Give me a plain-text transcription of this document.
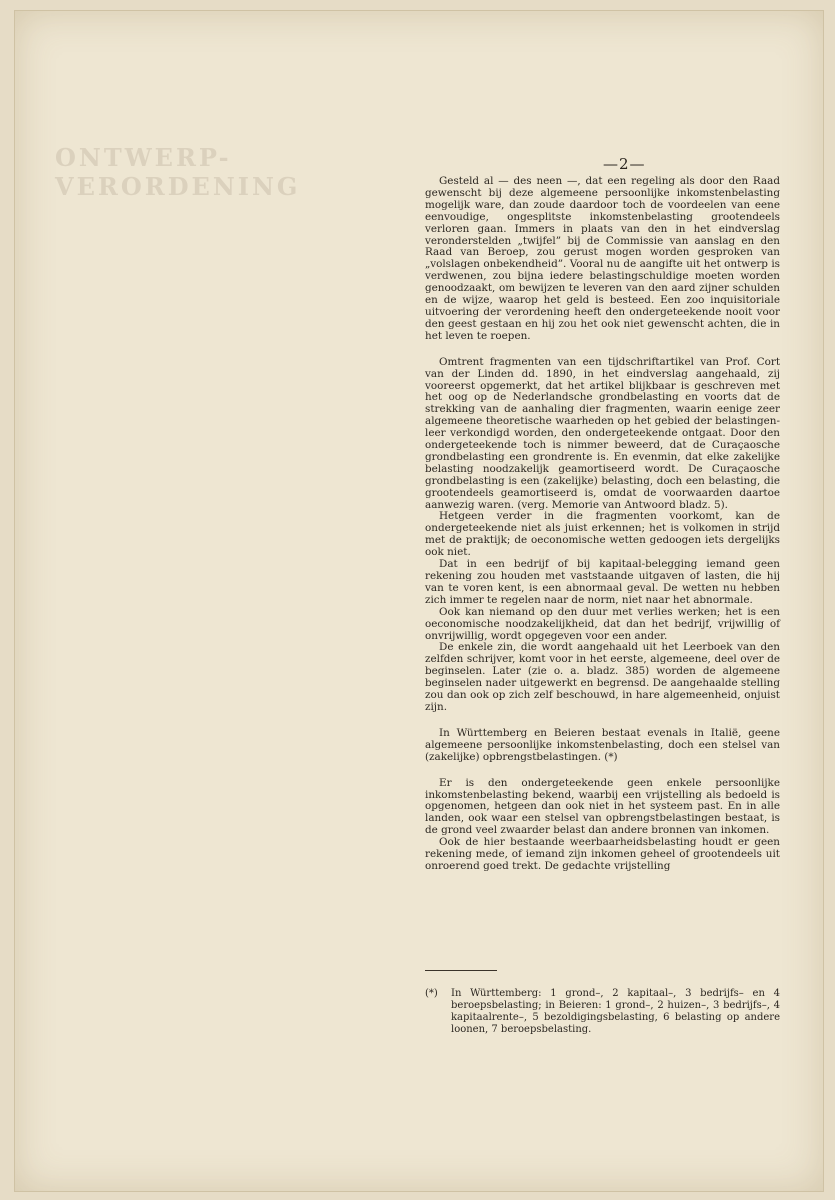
ONTWERP-VERORDENING
—2—

Gesteld al — des neen —, dat een regeling als door den Raad gewenscht bij deze algemeene persoonlijke inkomstenbelasting mogelijk ware, dan zoude daardoor toch de voordeelen van eene eenvoudige, ongesplitste inkomstenbelasting grootendeels verloren gaan. Immers in plaats van den in het eindverslag veronderstelden „twijfel” bij de Commissie van aanslag en den Raad van Beroep, zou gerust mogen worden gesproken van „volslagen onbekendheid”. Vooral nu de aangifte uit het ontwerp is verdwenen, zou bijna iedere belastingschuldige moeten worden genoodzaakt, om bewijzen te leveren van den aard zijner schulden en de wijze, waarop het geld is besteed. Een zoo inquisitoriale uitvoering der verordening heeft den ondergeteekende nooit voor den geest gestaan en hij zou het ook niet gewenscht achten, die in het leven te roepen.

Omtrent fragmenten van een tijdschriftartikel van Prof. Cort van der Linden dd. 1890, in het eindverslag aangehaald, zij vooreerst opgemerkt, dat het artikel blijkbaar is geschreven met het oog op de Nederlandsche grondbelasting en voorts dat de strekking van de aanhaling dier fragmenten, waarin eenige zeer algemeene theoretische waarheden op het gebied der belastingen-leer verkondigd worden, den ondergeteekende ontgaat. Door den ondergeteekende toch is nimmer beweerd, dat de Curaçaosche grondbelasting een grondrente is. En evenmin, dat elke zakelijke belasting noodzakelijk geamortiseerd wordt. De Curaçaosche grondbelasting is een (zakelijke) belasting, doch een belasting, die grootendeels geamortiseerd is, omdat de voorwaarden daartoe aanwezig waren. (verg. Memorie van Antwoord bladz. 5).

Hetgeen verder in die fragmenten voorkomt, kan de ondergeteekende niet als juist erkennen; het is volkomen in strijd met de praktijk; de oeconomische wetten gedoogen iets dergelijks ook niet.

Dat in een bedrijf of bij kapitaal-belegging iemand geen rekening zou houden met vaststaande uitgaven of lasten, die hij van te voren kent, is een abnormaal geval. De wetten nu hebben zich immer te regelen naar de norm, niet naar het abnormale.

Ook kan niemand op den duur met verlies werken; het is een oeconomische noodzakelijkheid, dat dan het bedrijf, vrijwillig of onvrijwillig, wordt opgegeven voor een ander.

De enkele zin, die wordt aangehaald uit het Leerboek van den zelfden schrijver, komt voor in het eerste, algemeene, deel over de beginselen. Later (zie o. a. bladz. 385) worden de algemeene beginselen nader uitgewerkt en begrensd. De aangehaalde stelling zou dan ook op zich zelf beschouwd, in hare algemeenheid, onjuist zijn.

In Württemberg en Beieren bestaat evenals in Italië, geene algemeene persoonlijke inkomstenbelasting, doch een stelsel van (zakelijke) opbrengstbelastingen. (*)

Er is den ondergeteekende geen enkele persoonlijke inkomstenbelasting bekend, waarbij een vrijstelling als bedoeld is opgenomen, hetgeen dan ook niet in het systeem past. En in alle landen, ook waar een stelsel van opbrengstbelastingen bestaat, is de grond veel zwaarder belast dan andere bronnen van inkomen.

Ook de hier bestaande weerbaarheidsbelasting houdt er geen rekening mede, of iemand zijn inkomen geheel of grootendeels uit onroerend goed trekt. De gedachte vrijstelling

(*)	In Württemberg: 1 grond–, 2 kapitaal–, 3 bedrijfs– en 4 beroepsbelasting; in Beieren: 1 grond–, 2 huizen–, 3 bedrijfs–, 4 kapitaalrente–, 5 bezoldigingsbelasting, 6 belasting op andere loonen, 7 beroepsbelasting.
